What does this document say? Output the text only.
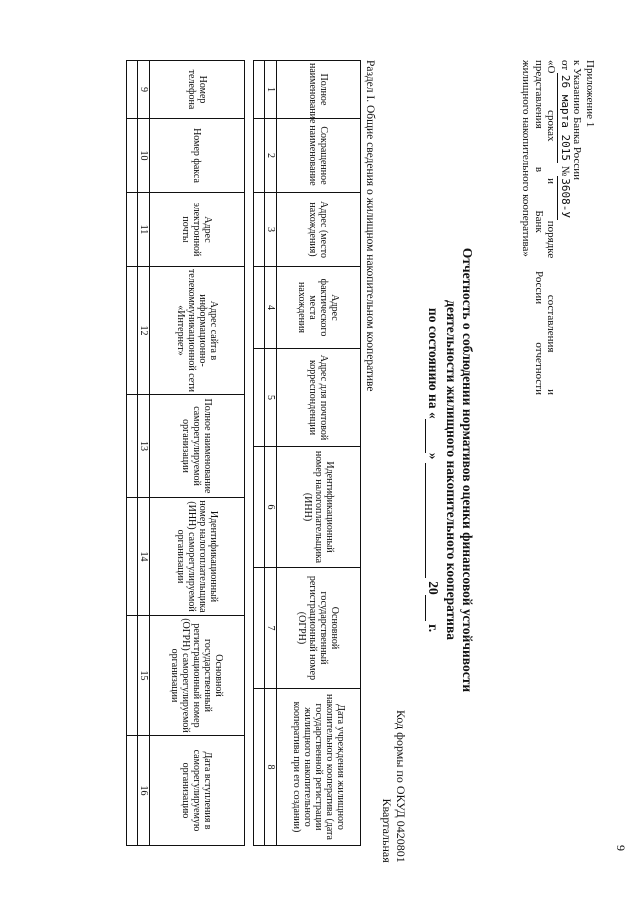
9
Приложение 1
к Указанию Банка России
от 26 марта 2015 №3608-У
«О сроках и порядке составления и
представления в Банк России отчетности
жилищного накопительного кооператива»
Отчетность о соблюдении нормативов оценки финансовой устойчивости
деятельности жилищного накопительного кооператива
по состоянию на «»  20 г.
Код формы по ОКУД 0420801
Квартальная
Раздел I. Общие сведения о жилищном накопительном кооперативе
Полное наименование	Сокращенное наименование	Адрес (место нахождения)	Адрес фактического места нахождения	Адрес для почтовой корреспонденции	Идентификационный номер налогоплательщика (ИНН)	Основной государственный регистрационный номер (ОГРН)	Дата учреждения жилищного накопительного кооператива (дата государственной регистрации жилищного накопительного кооператива при его создании)
1	2	3	4	5	6	7	8

Номер телефона	Номер факса	Адрес электронной почты	Адрес сайта в информационно-телекоммуникационной сети «Интернет»	Полное наименование саморегулируемой организации	Идентификационный номер налогоплательщика (ИНН) саморегулируемой организации	Основной государственный регистрационный номер (ОГРН) саморегулируемой организации	Дата вступления в саморегулируемую организацию
9	10	11	12	13	14	15	16
